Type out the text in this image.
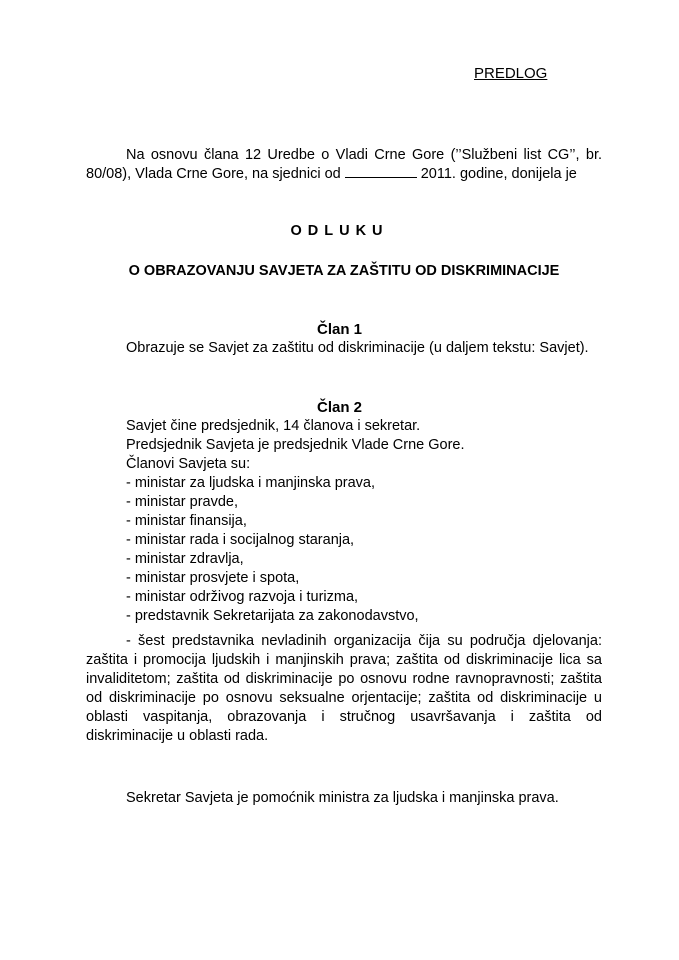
PREDLOG
Na osnovu člana 12 Uredbe o Vladi Crne Gore (’’Službeni list CG’’, br. 80/08), Vlada Crne Gore, na sjednici od	2011. godine, donijela je
ODLUKU
O OBRAZOVANJU SAVJETA ZA ZAŠTITU OD DISKRIMINACIJE
Član 1
Obrazuje se Savjet za zaštitu od diskriminacije (u daljem tekstu: Savjet).
Član 2
Savjet čine predsjednik, 14 članova i sekretar.
Predsjednik Savjeta je predsjednik Vlade Crne Gore.
Članovi Savjeta su:
- ministar za ljudska i manjinska prava,
- ministar pravde,
- ministar finansija,
- ministar rada i socijalnog staranja,
- ministar zdravlja,
- ministar prosvjete i spota,
- ministar održivog razvoja i turizma,
- predstavnik Sekretarijata za zakonodavstvo,
- šest predstavnika nevladinih organizacija čija su područja djelovanja: zaštita i promocija ljudskih i manjinskih prava; zaštita od diskriminacije lica sa invaliditetom; zaštita od diskriminacije po osnovu rodne ravnopravnosti; zaštita od diskriminacije po osnovu seksualne orjentacije; zaštita od diskriminacije u oblasti vaspitanja, obrazovanja i stručnog usavršavanja i zaštita od diskriminacije u oblasti rada.
Sekretar Savjeta je pomoćnik ministra za ljudska i manjinska prava.
